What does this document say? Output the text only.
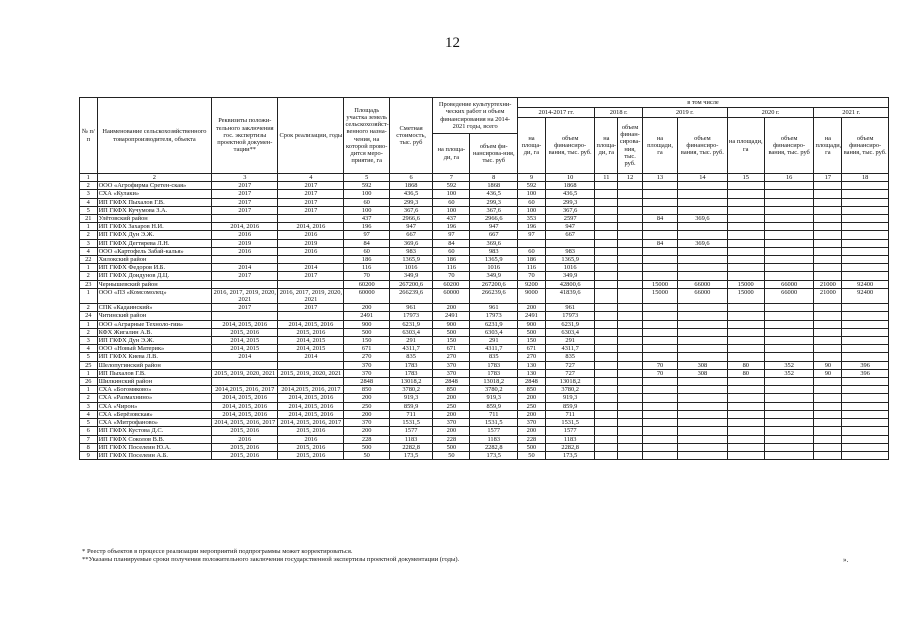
12
№ п/п	Наименование сельскохозяйственного товаропроизводителя, объекта	Реквизиты положи-тельного заключения гос. экспертизы проектной докумен-тации**	Срок реализации, годы	Площадь участка земель сельскохозяйст-венного назна-чения, на которой прово-дится меро-приятие, га	Сметная стоимость, тыс. руб	Проведение культуртехни-ческих работ и объем финансирования на 2014-2021 годы, всего		в том числе									
								2014-2017 гг.		2018 г.		2019 г.		2020 г.		2021 г.	
								на площа-ди, га	объем финансиро-вания, тыс. руб.	на площа-ди, га	объем финан-сирова-ния, тыс. руб.	на площади, га	объем финансиро-вания, тыс. руб.	на площади, га	объем финансиро-вания, тыс. руб	на площади, га	объем финансиро-вания, тыс. руб.
						на площа-ди, га	объем фи-нансирова-ния, тыс. руб										
1	2	3	4	5	6	7	8	9	10	11	12	13	14	15	16	17	18
2	ООО «Агрофирма Сретен-ская»	2017	2017	592	1868	592	1868	592	1868								
3	СХА «Кулаки»	2017	2017	100	436,5	100	436,5	100	436,5								
4	ИП ГКФХ Пыхалов Г.В.	2017	2017	60	299,3	60	299,3	60	299,3								
5	ИП ГКФХ Кучумова З.А.	2017	2017	100	367,6	100	367,6	100	367,6								
21	Улётовский район			437	2966,6	437	2966,6	353	2597			84	369,6				
1	ИП ГКФХ Захаров Н.И.	2014, 2016	2014, 2016	196	947	196	947	196	947								
2	ИП ГКФХ Дун Э.Ж.	2016	2016	97	667	97	667	97	667								
3	ИП ГКФХ Дегтярева Л.Н.	2019	2019	84	369,6	84	369,6					84	369,6				
4	ООО «Картофель Забай-калья»	2016	2016	60	983	60	983	60	983								
22	Хилокский район			186	1365,9	186	1365,9	186	1365,9								
1	ИП ГКФХ Федоров И.Б.	2014	2014	116	1016	116	1016	116	1016								
2	ИП ГКФХ Доидунов Д.Ц.	2017	2017	70	349,9	70	349,9	70	349,9								
23	Чернышевский район			60200	267200,6	60200	267200,6	9200	42800,6			15000	66000	15000	66000	21000	92400
1	ООО «ПЗ «Комсомолец»	2016, 2017, 2019, 2020, 2021	2016, 2017, 2019, 2020, 2021	60000	266239,6	60000	266239,6	9000	41839,6			15000	66000	15000	66000	21000	92400
2	СПК «Кадаинский»	2017	2017	200	961	200	961	200	961								
24	Читинский район			2491	17973	2491	17973	2491	17973								
1	ООО «Аграрные Техноло-гии»	2014, 2015, 2016	2014, 2015, 2016	900	6231,9	900	6231,9	900	6231,9								
2	КФХ Жигалин А.В.	2015, 2016	2015, 2016	500	6303,4	500	6303,4	500	6303,4								
3	ИП ГКФХ Дун Э.Ж.	2014, 2015	2014, 2015	150	291	150	291	150	291								
4	ООО «Новый Материк»	2014, 2015	2014, 2015	671	4311,7	671	4311,7	671	4311,7								
5	ИП ГКФХ Киева Л.В.	2014	2014	270	835	270	835	270	835								
25	Шелопугинский район			370	1783	370	1783	130	727			70	308	80	352	90	396
1	ИП Пыхалов Г.В.	2015, 2019, 2020, 2021	2015, 2019, 2020, 2021	370	1783	370	1783	130	727			70	308	80	352	90	396
26	Шилкинский район			2848	13018,2	2848	13018,2	2848	13018,2								
1	СХА «Богомяково»	2014,2015, 2016, 2017	2014,2015, 2016, 2017	850	3780,2	850	3780,2	850	3780,2								
2	СХА «Размахнино»	2014, 2015, 2016	2014, 2015, 2016	200	919,3	200	919,3	200	919,3								
3	СХА «Чирон»	2014, 2015, 2016	2014, 2015, 2016	250	859,9	250	859,9	250	859,9								
4	СХА «Берёзовская»	2014, 2015, 2016	2014, 2015, 2016	200	711	200	711	200	711								
5	СХА «Митрофаново»	2014, 2015, 2016, 2017	2014, 2015, 2016, 2017	370	1531,5	370	1531,5	370	1531,5								
6	ИП ГКФХ Кустова Д.С.	2015, 2016	2015, 2016	200	1577	200	1577	200	1577								
7	ИП ГКФХ Соколов В.В.	2016	2016	228	1183	228	1183	228	1183								
8	ИП ГКФХ Поселеин Ю.А.	2015, 2016	2015, 2016	500	2282,8	500	2282,8	500	2282,8								
9	ИП ГКФХ Поселеин А.Б.	2015, 2016	2015, 2016	50	173,5	50	173,5	50	173,5								
* Реестр объектов в процессе реализации мероприятий подпрограммы может корректироваться.
**Указаны планируемые сроки получения положительного заключения государственной экспертизы проектной документации (годы).	».
